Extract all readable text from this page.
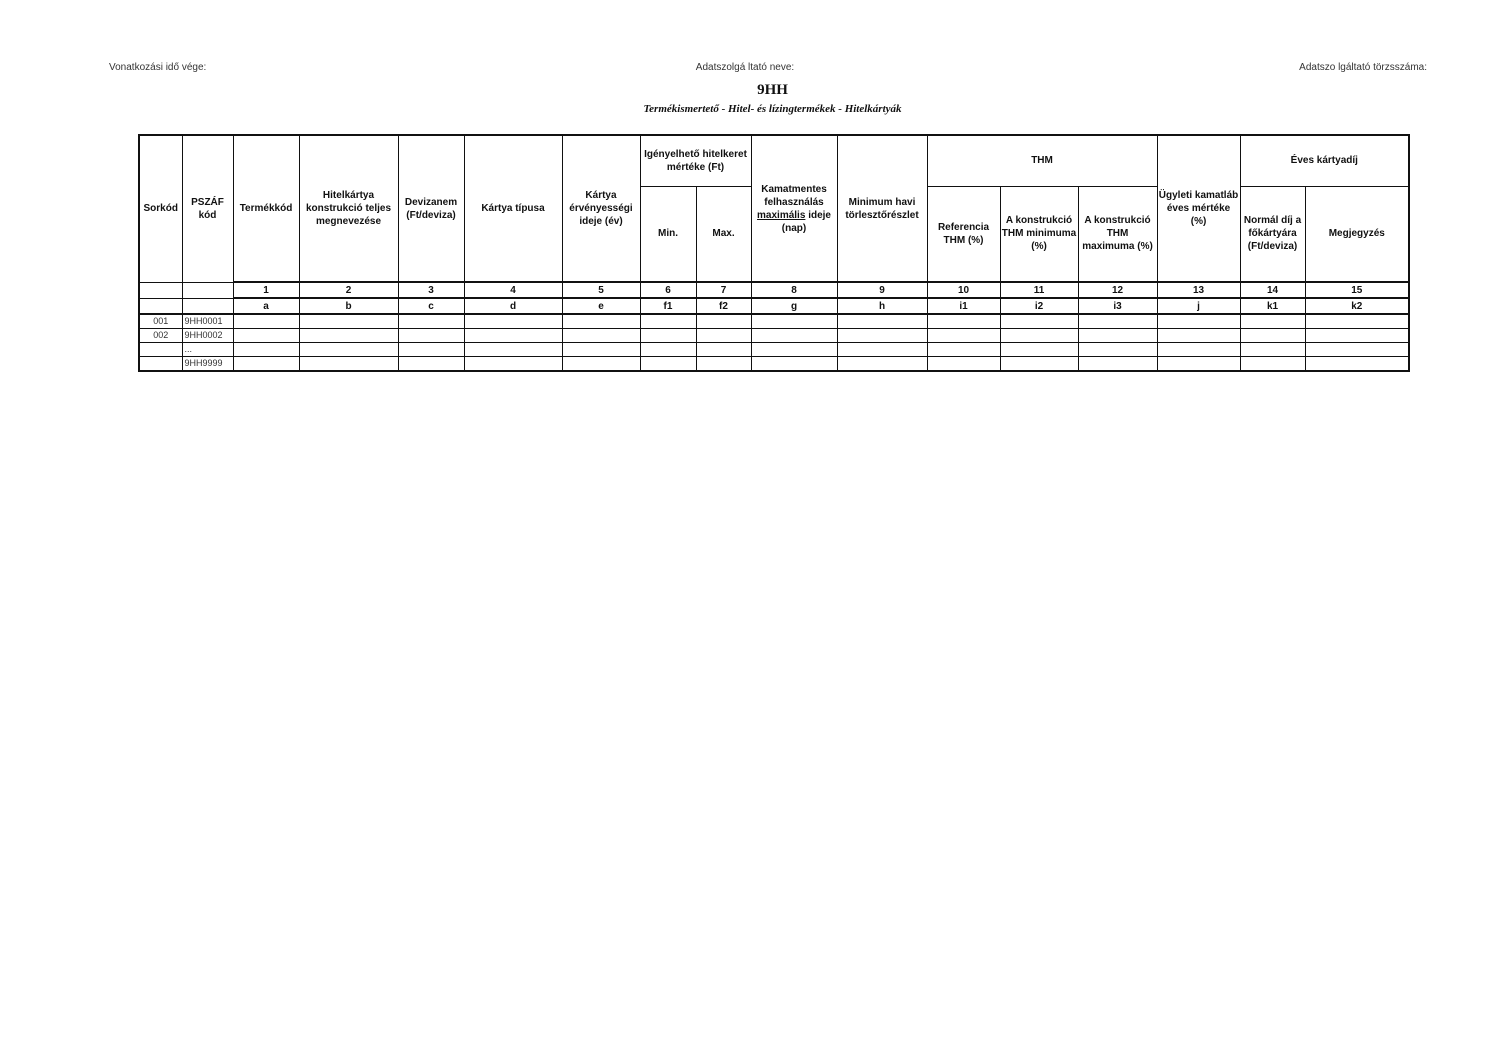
Vonatkozási idő vége:	Adatszolgá ltató neve:	Adatszo lgáltató törzsszáma:
9HH
Termékismertető - Hitel- és lízingtermékek - Hitelkártyák
Sorkód	PSZÁF kód	Termékkód	Hitelkártya konstrukció teljes megnevezése	Devizanem (Ft/deviza)	Kártya típusa	Kártya érvényességi ideje (év)	Igényelhető hitelkeret mértéke (Ft)		Kamatmentes felhasználás maximális ideje (nap)	Minimum havi törlesztőrészlet	THM			Ügyleti kamatláb éves mértéke (%)	Éves kártyadíj	
							Min.	Max.			Referencia THM (%)	A konstrukció THM minimuma (%)	A konstrukció THM maximuma (%)		Normál díj a főkártyára (Ft/deviza)	Megjegyzés
		1	2	3	4	5	6	7	8	9	10	11	12	13	14	15
		a	b	c	d	e	f1	f2	g	h	i1	i2	i3	j	k1	k2
001	9HH0001															
002	9HH0002															
	...															
	9HH9999															
